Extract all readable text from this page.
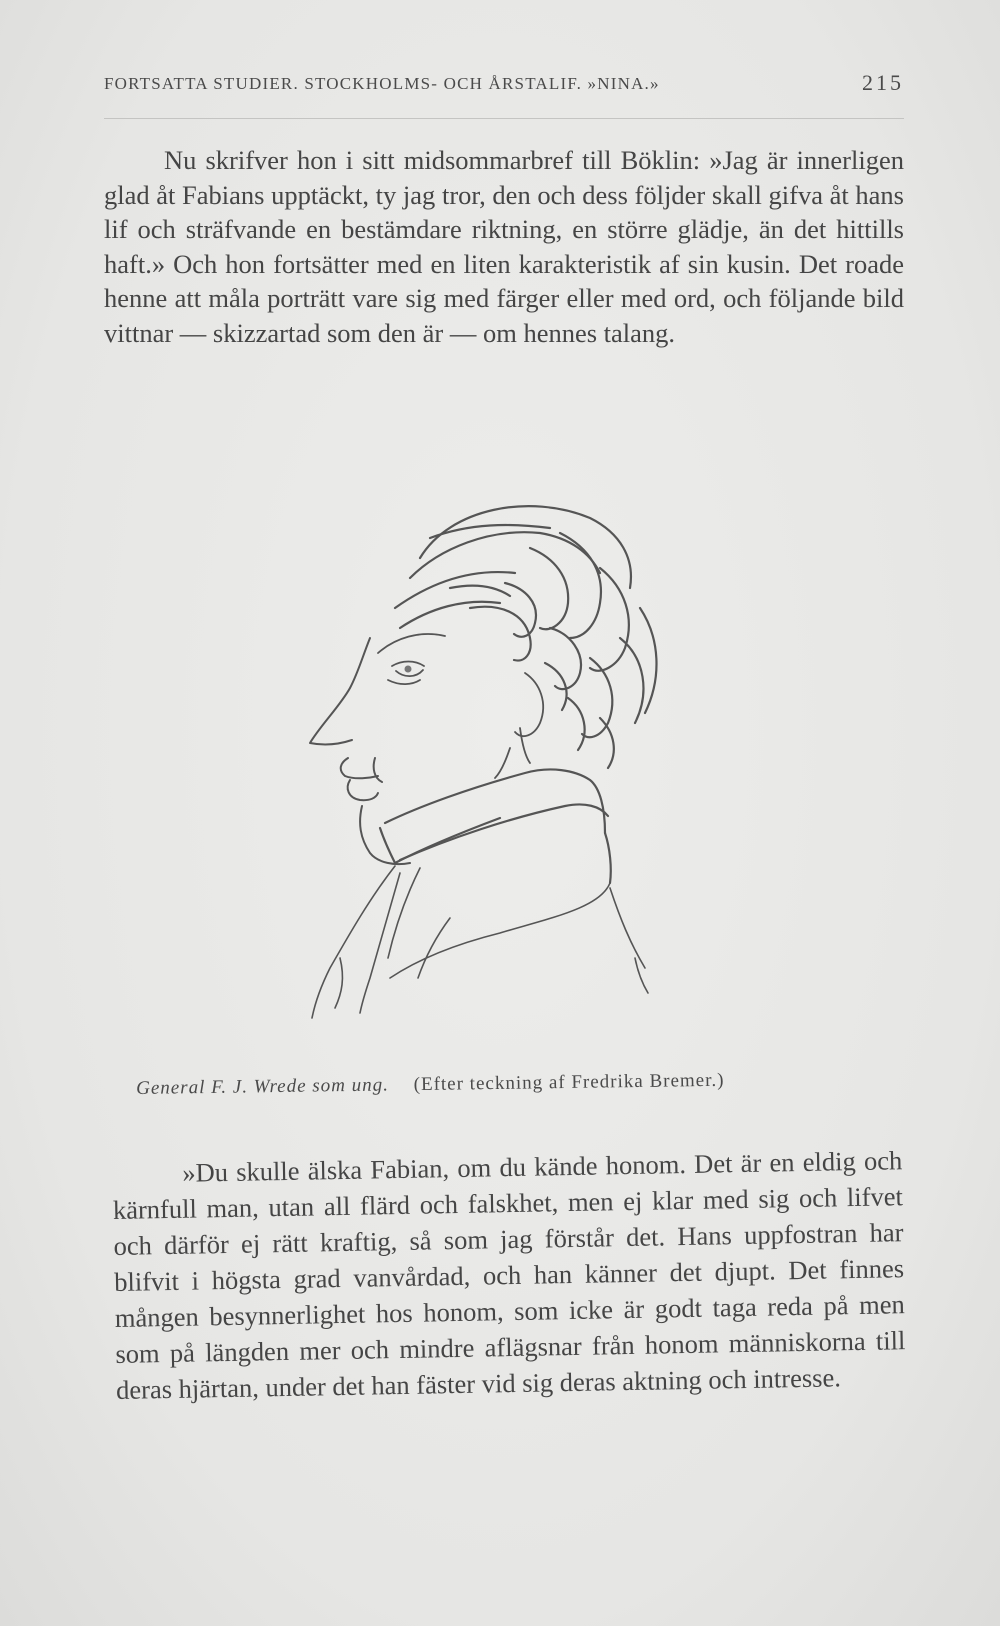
FORTSATTA STUDIER. STOCKHOLMS- OCH ÅRSTALIF. »NINA.»	215

Nu skrifver hon i sitt midsommarbref till Böklin: »Jag är innerligen glad åt Fabians upptäckt, ty jag tror, den och dess följder skall gifva åt hans lif och sträfvande en bestämdare riktning, en större glädje, än det hittills haft.» Och hon fortsätter med en liten karakteristik af sin kusin. Det roade henne att måla porträtt vare sig med färger eller med ord, och följande bild vittnar — skizzartad som den är — om hennes talang.

General F. J. Wrede som ung. (Efter teckning af Fredrika Bremer.)

»Du skulle älska Fabian, om du kände honom. Det är en eldig och kärnfull man, utan all flärd och falskhet, men ej klar med sig och lifvet och därför ej rätt kraftig, så som jag förstår det. Hans uppfostran har blifvit i högsta grad vanvårdad, och han känner det djupt. Det finnes mången besynnerlighet hos honom, som icke är godt taga reda på men som på längden mer och mindre aflägsnar från honom människorna till deras hjärtan, under det han fäster vid sig deras aktning och intresse.
